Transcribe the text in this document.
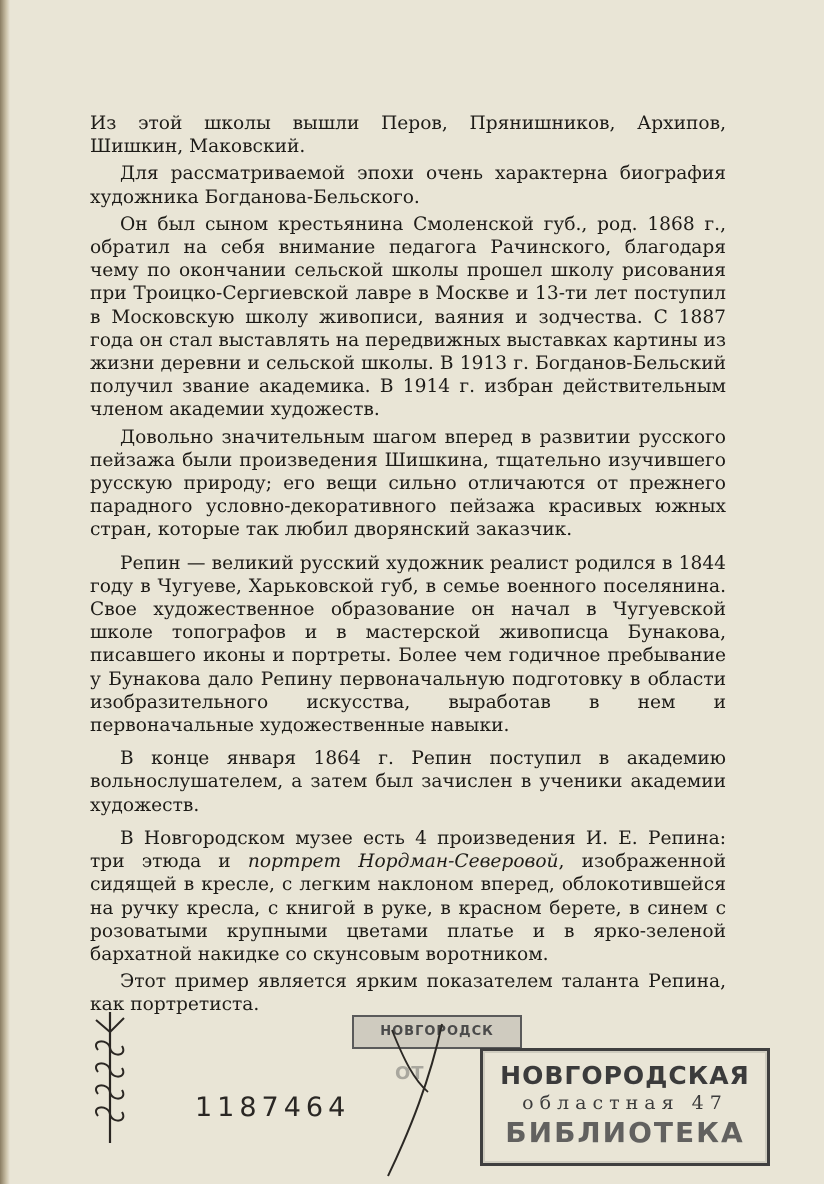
Из этой школы вышли Перов, Прянишников, Архипов, Шишкин, Маковский.

Для рассматриваемой эпохи очень характерна биография художника Богданова-Бельского.

Он был сыном крестьянина Смоленской губ., род. 1868 г., обратил на себя внимание педагога Рачинского, благодаря чему по окончании сельской школы прошел школу рисования при Троицко-Сергиевской лавре в Москве и 13-ти лет поступил в Московскую школу живописи, ваяния и зодчества. С 1887 года он стал выставлять на передвижных выставках картины из жизни деревни и сельской школы. В 1913 г. Богданов-Бельский получил звание академика. В 1914 г. избран действительным членом академии художеств.

Довольно значительным шагом вперед в развитии русского пейзажа были произведения Шишкина, тщательно изучившего русскую природу; его вещи сильно отличаются от прежнего парадного условно-декоративного пейзажа красивых южных стран, которые так любил дворянский заказчик.

Репин — великий русский художник реалист родился в 1844 году в Чугуеве, Харьковской губ, в семье военного поселянина. Свое художественное образование он начал в Чугуевской школе топографов и в мастерской живописца Бунакова, писавшего иконы и портреты. Более чем годичное пребывание у Бунакова дало Репину первоначальную подготовку в области изобразительного искусства, выработав в нем и первоначальные художественные навыки.

В конце января 1864 г. Репин поступил в академию вольнослушателем, а затем был зачислен в ученики академии художеств.

В Новгородском музее есть 4 произведения И. Е. Репина: три этюда и портрет Нордман-Северовой, изображенной сидящей в кресле, с легким наклоном вперед, облокотившейся на ручку кресла, с книгой в руке, в красном берете, в синем с розоватыми крупными цветами платье и в ярко-зеленой бархатной накидке со скунсовым воротником.

Этот пример является ярким показателем таланта Репина, как портретиста.

1187464
НОВГОРОДСК
ОТ	НОВГОРОДСКАЯ
областная 47
БИБЛИОТЕКА
